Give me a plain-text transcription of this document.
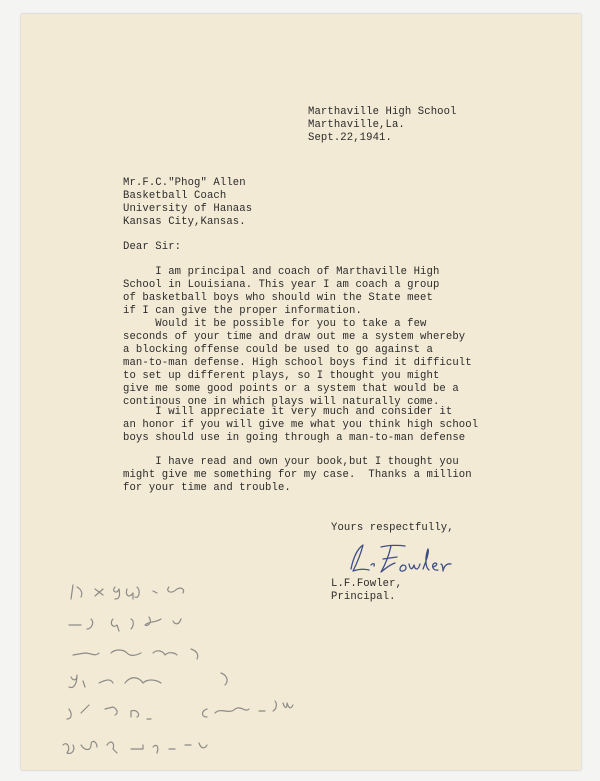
Marthaville High School
Marthaville,La.
Sept.22,1941.
Mr.F.C."Phog" Allen
Basketball Coach
University of Hanaas
Kansas City,Kansas.
Dear Sir:
I am principal and coach of Marthaville High
School in Louisiana. This year I am coach a group
of basketball boys who should win the State meet
if I can give the proper information.
Would it be possible for you to take a few
seconds of your time and draw out me a system whereby
a blocking offense could be used to go against a
man-to-man defense. High school boys find it difficult
to set up different plays, so I thought you might
give me some good points or a system that would be a
continous one in which plays will naturally come.
I will appreciate it very much and consider it
an honor if you will give me what you think high school
boys should use in going through a man-to-man defense
I have read and own your book,but I thought you
might give me something for my case.  Thanks a million
for your time and trouble.
Yours respectfully,
L.F.Fowler,
Principal.
